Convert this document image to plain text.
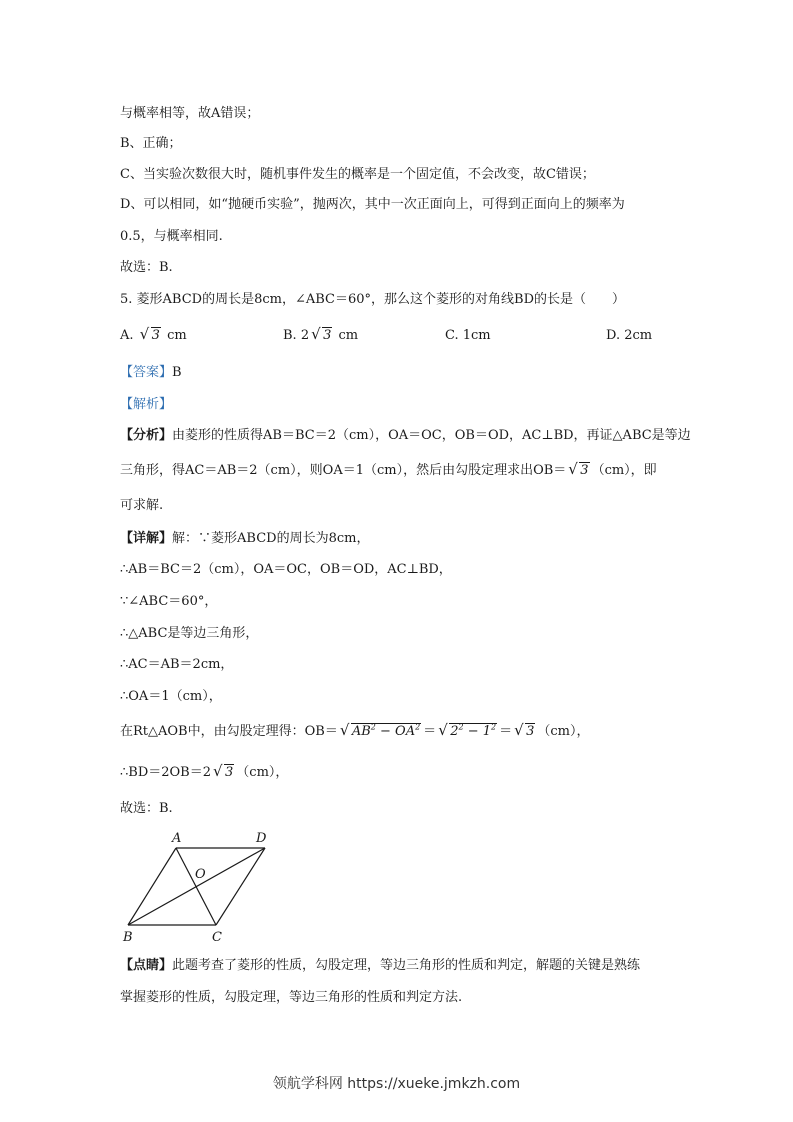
与概率相等，故A错误；
B、正确；
C、当实验次数很大时，随机事件发生的概率是一个固定值，不会改变，故C错误；
D、可以相同，如“抛硬币实验”，抛两次，其中一次正面向上，可得到正面向上的频率为
0.5，与概率相同.
故选：B.
5. 菱形ABCD的周长是8cm，∠ABC＝60°，那么这个菱形的对角线BD的长是（　　）
A. √ 3 cm	B. 2 √ 3 cm	C. 1cm	D. 2cm
【答案】B
【解析】
【分析】由菱形的性质得AB＝BC＝2（cm），OA＝OC，OB＝OD，AC⊥BD，再证△ABC是等边
三角形，得AC＝AB＝2（cm），则OA＝1（cm），然后由勾股定理求出OB＝ √ 3 （cm），即
可求解.
【详解】解：∵菱形ABCD的周长为8cm，
∴AB＝BC＝2（cm），OA＝OC，OB＝OD，AC⊥BD，
∵∠ABC＝60°，
∴△ABC是等边三角形，
∴AC＝AB＝2cm，
∴OA＝1（cm），
在Rt△AOB中，由勾股定理得：OB＝ √ $AB^2 - OA^2$ ＝ √ $2^2 - 1^2$ ＝ √ 3 （cm），
∴BD＝2OB＝2 √ 3 （cm），
故选：B.
A	D
O
B	C
【点睛】此题考查了菱形的性质，勾股定理，等边三角形的性质和判定，解题的关键是熟练
掌握菱形的性质，勾股定理，等边三角形的性质和判定方法.
领航学科网 https://xueke.jmkzh.com
